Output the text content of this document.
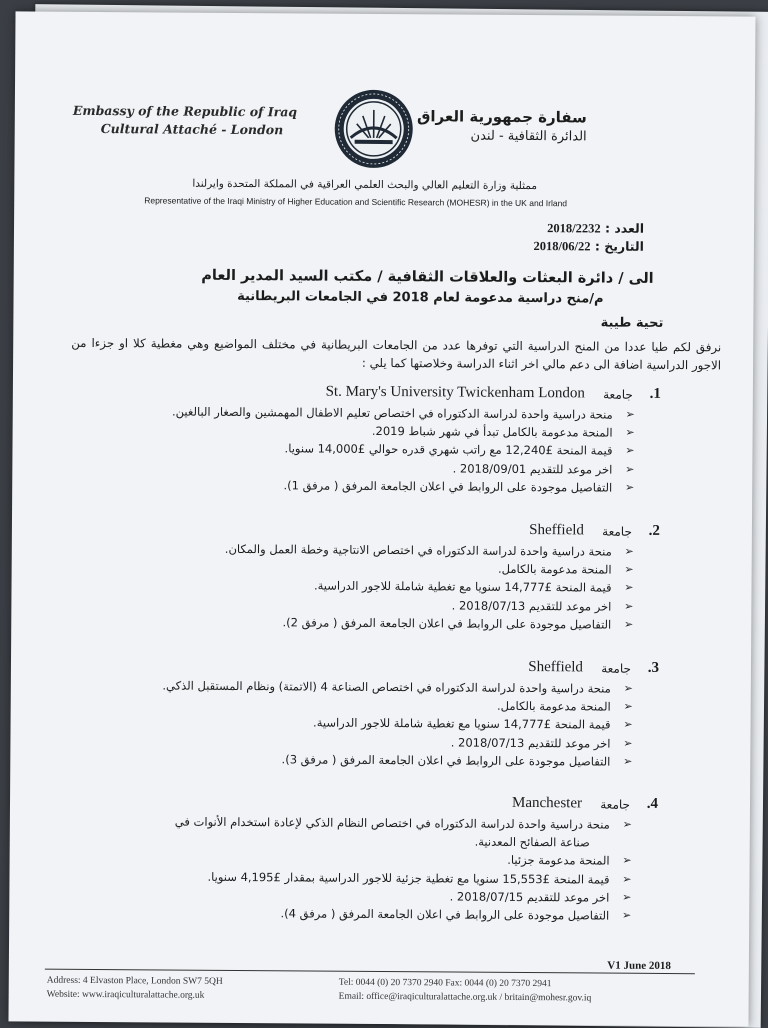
Embassy of the Republic of Iraq
Cultural Attaché - London
سفارة جمهورية العراق
الدائرة الثقافية - لندن
ممثلية وزارة التعليم العالي والبحث العلمي العراقية في المملكة المتحدة وايرلندا
Representative of the Iraqi Ministry of Higher Education and Scientific Research (MOHESR) in the UK and Irland
العدد : 2018/2232
التاريخ : 2018/06/22
الى / دائرة البعثات والعلاقات الثقافية / مكتب السيد المدير العام
م/منح دراسية مدعومة لعام 2018 في الجامعات البريطانية
تحية طيبة
نرفق لكم طيا عددا من المنح الدراسية التي توفرها عدد من الجامعات البريطانية في مختلف المواضيع وهي مغطية كلا او جزءا من الاجور الدراسية اضافة الى دعم مالي اخر اثناء الدراسة وخلاصتها كما يلي :
.1
جامعة
St. Mary's University Twickenham London
➢
منحة دراسية واحدة لدراسة الدكتوراه في اختصاص تعليم الاطفال المهمشين والصغار البالغين.
➢
المنحة مدعومة بالكامل تبدأ في شهر شباط 2019.
➢
قيمة المنحة £12,240 مع راتب شهري قدره حوالي £14,000 سنويا.
➢
اخر موعد للتقديم 2018/09/01 .
➢
التفاصيل موجودة على الروابط في اعلان الجامعة المرفق ( مرفق 1).
.2
جامعة
Sheffield
➢
منحة دراسية واحدة لدراسة الدكتوراه في اختصاص الانتاجية وخطة العمل والمكان.
➢
المنحة مدعومة بالكامل.
➢
قيمة المنحة £14,777 سنويا مع تغطية شاملة للاجور الدراسية.
➢
اخر موعد للتقديم 2018/07/13 .
➢
التفاصيل موجودة على الروابط في اعلان الجامعة المرفق ( مرفق 2).
.3
جامعة
Sheffield
➢
منحة دراسية واحدة لدراسة الدكتوراه في اختصاص الصناعة 4 (الاتمتة) ونظام المستقبل الذكي.
➢
المنحة مدعومة بالكامل.
➢
قيمة المنحة £14,777 سنويا مع تغطية شاملة للاجور الدراسية.
➢
اخر موعد للتقديم 2018/07/13 .
➢
التفاصيل موجودة على الروابط في اعلان الجامعة المرفق ( مرفق 3).
.4
جامعة
Manchester
➢
منحة دراسية واحدة لدراسة الدكتوراه في اختصاص النظام الذكي لإعادة استخدام الأنوات في
صناعة الصفائح المعدنية.
➢
المنحة مدعومة جزئيا.
➢
قيمة المنحة £15,553 سنويا مع تغطية جزئية للاجور الدراسية بمقدار £4,195 سنويا.
➢
اخر موعد للتقديم 2018/07/15 .
➢
التفاصيل موجودة على الروابط في اعلان الجامعة المرفق ( مرفق 4).
V1 June 2018
Address: 4 Elvaston Place, London SW7 5QH
Website: www.iraqiculturalattache.org.uk
Tel: 0044 (0) 20 7370 2940 Fax: 0044 (0) 20 7370 2941
Email: office@iraqiculturalattache.org.uk / britain@mohesr.gov.iq
